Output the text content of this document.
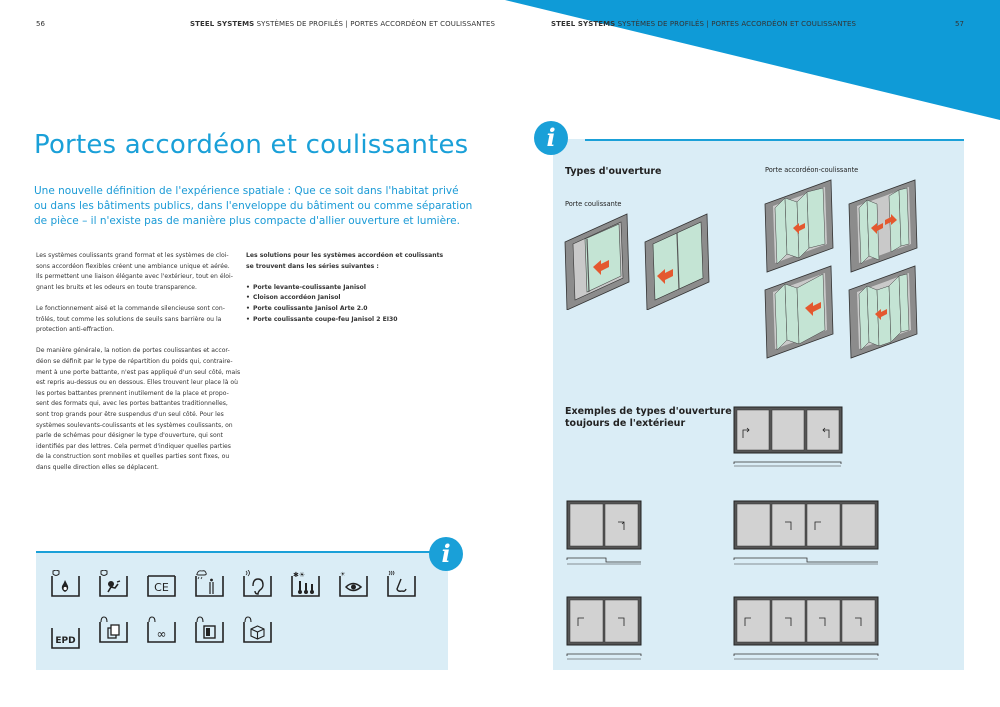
56	STEEL SYSTEMS SYSTÈMES DE PROFILÉS | PORTES ACCORDÉON ET COULISSANTES	STEEL SYSTEMS SYSTÈMES DE PROFILÉS | PORTES ACCORDÉON ET COULISSANTES	57
Portes accordéon et coulissantes
Une nouvelle définition de l'expérience spatiale : Que ce soit dans l'habitat privé
ou dans les bâtiments publics, dans l'enveloppe du bâtiment ou comme séparation
de pièce – il n'existe pas de manière plus compacte d'allier ouverture et lumière.
Les systèmes coulissants grand format et les systèmes de cloi-
sons accordéon flexibles créent une ambiance unique et aérée.
Ils permettent une liaison élégante avec l'extérieur, tout en éloi-
gnant les bruits et les odeurs en toute transparence.
Le fonctionnement aisé et la commande silencieuse sont con-
trôlés, tout comme les solutions de seuils sans barrière ou la
protection anti-effraction.
De manière générale, la notion de portes coulissantes et accor-
déon se définit par le type de répartition du poids qui, contraire-
ment à une porte battante, n'est pas appliqué d'un seul côté, mais
est repris au-dessus ou en dessous. Elles trouvent leur place là où
les portes battantes prennent inutilement de la place et propo-
sent des formats qui, avec les portes battantes traditionnelles,
sont trop grands pour être suspendus d'un seul côté. Pour les
systèmes soulevants-coulissants et les systèmes coulissants, on
parle de schémas pour désigner le type d'ouverture, qui sont
identifiés par des lettres. Cela permet d'indiquer quelles parties
de la construction sont mobiles et quelles parties sont fixes, ou
dans quelle direction elles se déplacent.
Les solutions pour les systèmes accordéon et coulissants
se trouvent dans les séries suivantes :
• Porte levante-coulissante Janisol
• Cloison accordéon Janisol
• Porte coulissante Janisol Arte 2.0
• Porte coulissante coupe-feu Janisol 2 EI30
i
CE
✱☀	☀
EPD	∞
i
Types d'ouverture
Porte coulissante
Porte accordéon-coulissante
Exemples de types d'ouverture
toujours de l'extérieur
